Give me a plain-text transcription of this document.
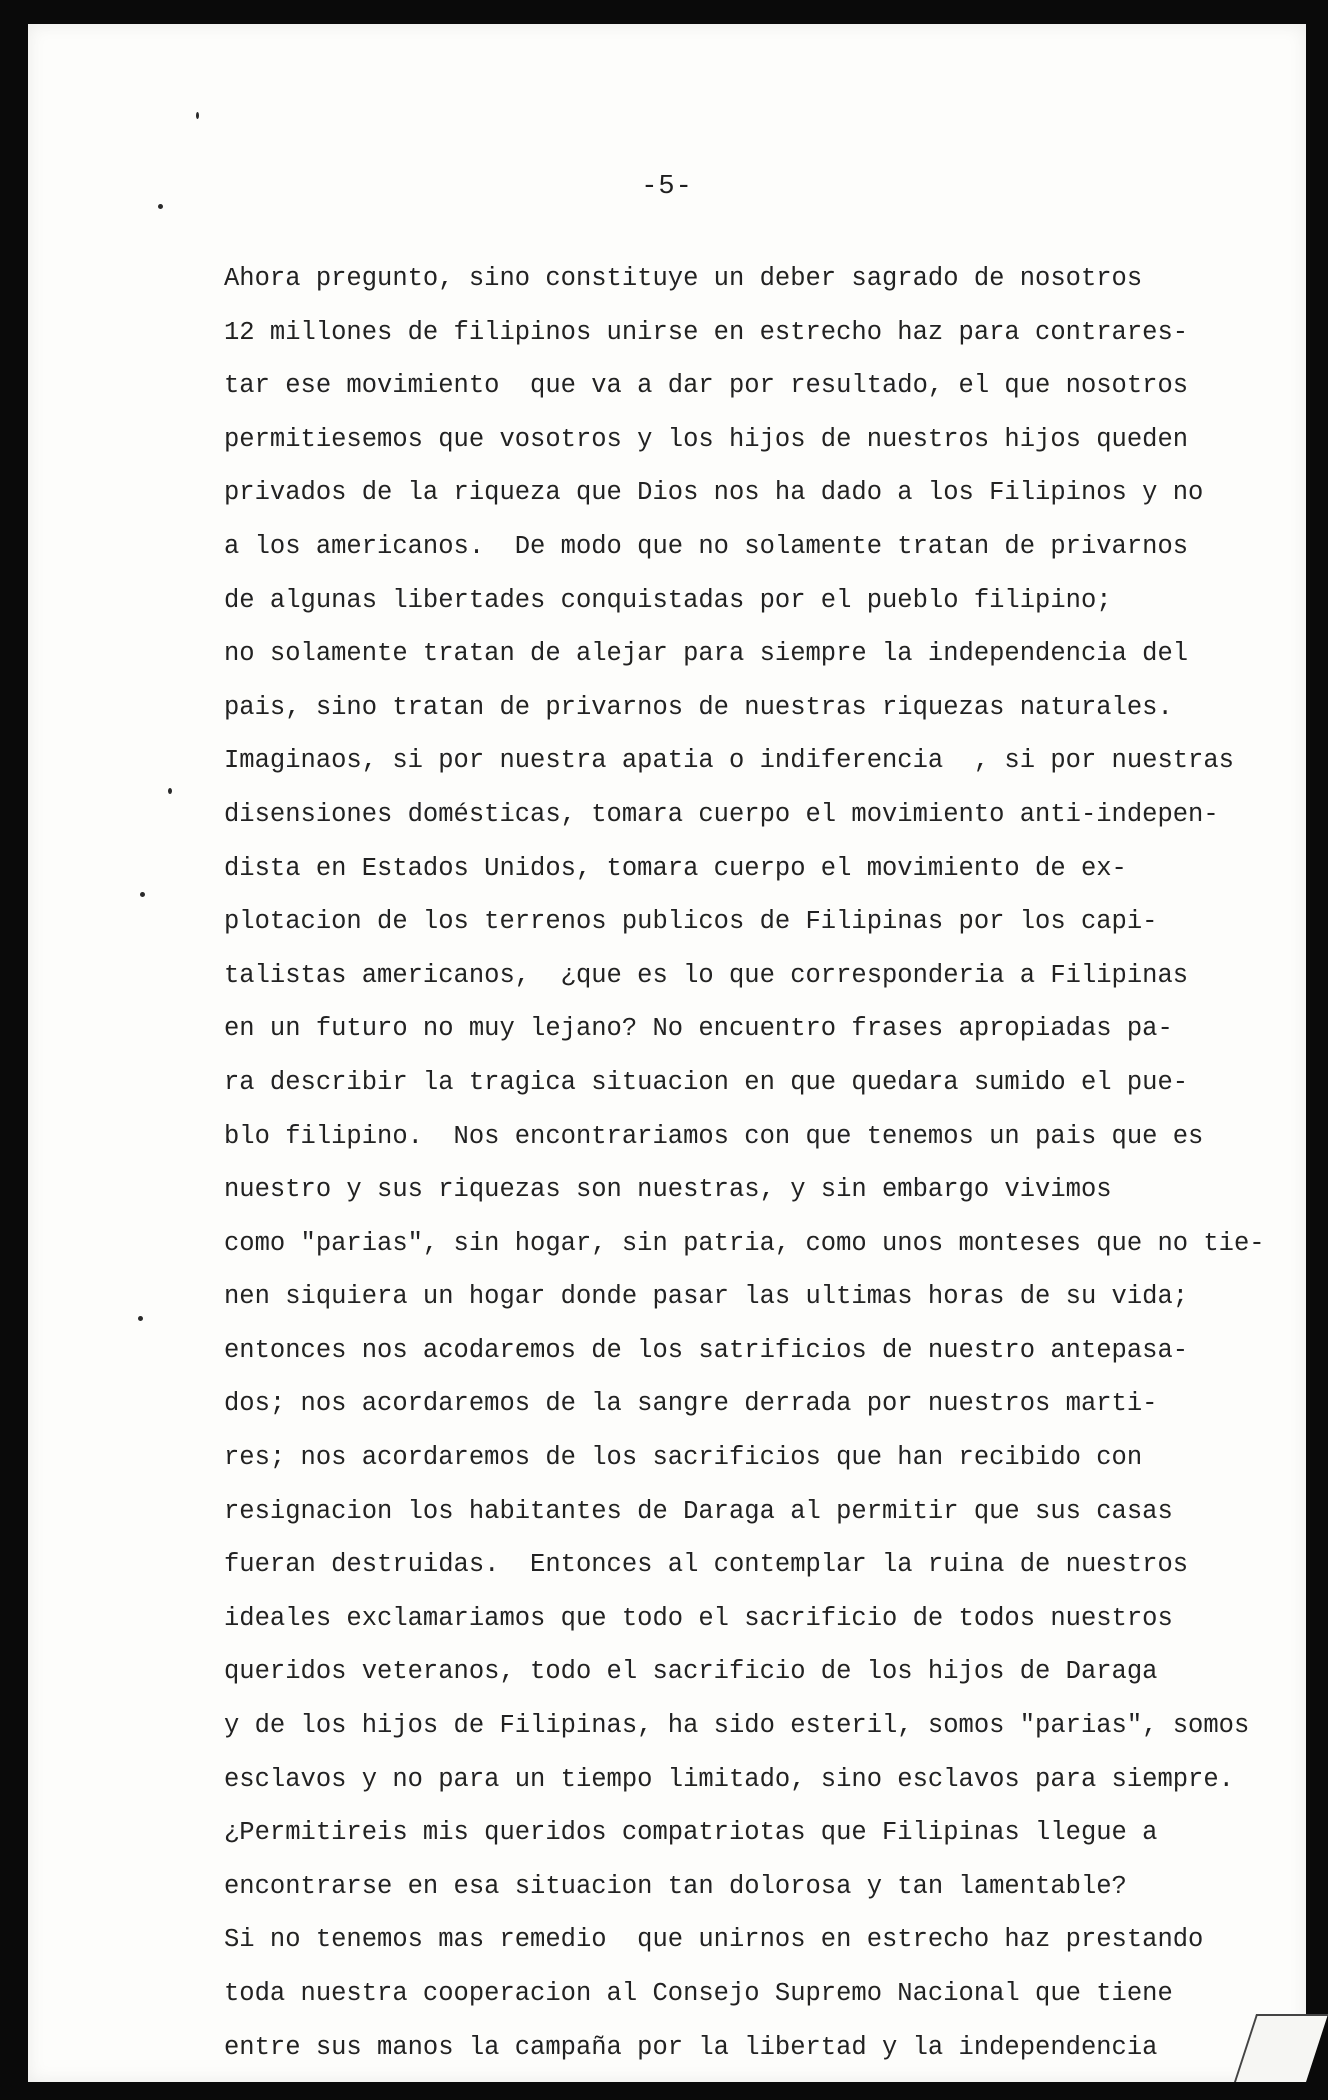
-5-
Ahora pregunto, sino constituye un deber sagrado de nosotros
12 millones de filipinos unirse en estrecho haz para contrares-
tar ese movimiento  que va a dar por resultado, el que nosotros
permitiesemos que vosotros y los hijos de nuestros hijos queden
privados de la riqueza que Dios nos ha dado a los Filipinos y no
a los americanos.  De modo que no solamente tratan de privarnos
de algunas libertades conquistadas por el pueblo filipino;
no solamente tratan de alejar para siempre la independencia del
pais, sino tratan de privarnos de nuestras riquezas naturales.
Imaginaos, si por nuestra apatia o indiferencia  , si por nuestras
disensiones domésticas, tomara cuerpo el movimiento anti-indepen-
dista en Estados Unidos, tomara cuerpo el movimiento de ex-
plotacion de los terrenos publicos de Filipinas por los capi-
talistas americanos,  ¿que es lo que corresponderia a Filipinas
en un futuro no muy lejano? No encuentro frases apropiadas pa-
ra describir la tragica situacion en que quedara sumido el pue-
blo filipino.  Nos encontrariamos con que tenemos un pais que es
nuestro y sus riquezas son nuestras, y sin embargo vivimos
como "parias", sin hogar, sin patria, como unos monteses que no tie-
nen siquiera un hogar donde pasar las ultimas horas de su vida;
entonces nos acodaremos de los satrificios de nuestro antepasa-
dos; nos acordaremos de la sangre derrada por nuestros marti-
res; nos acordaremos de los sacrificios que han recibido con
resignacion los habitantes de Daraga al permitir que sus casas
fueran destruidas.  Entonces al contemplar la ruina de nuestros
ideales exclamariamos que todo el sacrificio de todos nuestros
queridos veteranos, todo el sacrificio de los hijos de Daraga
y de los hijos de Filipinas, ha sido esteril, somos "parias", somos
esclavos y no para un tiempo limitado, sino esclavos para siempre.
¿Permitireis mis queridos compatriotas que Filipinas llegue a
encontrarse en esa situacion tan dolorosa y tan lamentable?
Si no tenemos mas remedio  que unirnos en estrecho haz prestando
toda nuestra cooperacion al Consejo Supremo Nacional que tiene
entre sus manos la campaña por la libertad y la independencia
